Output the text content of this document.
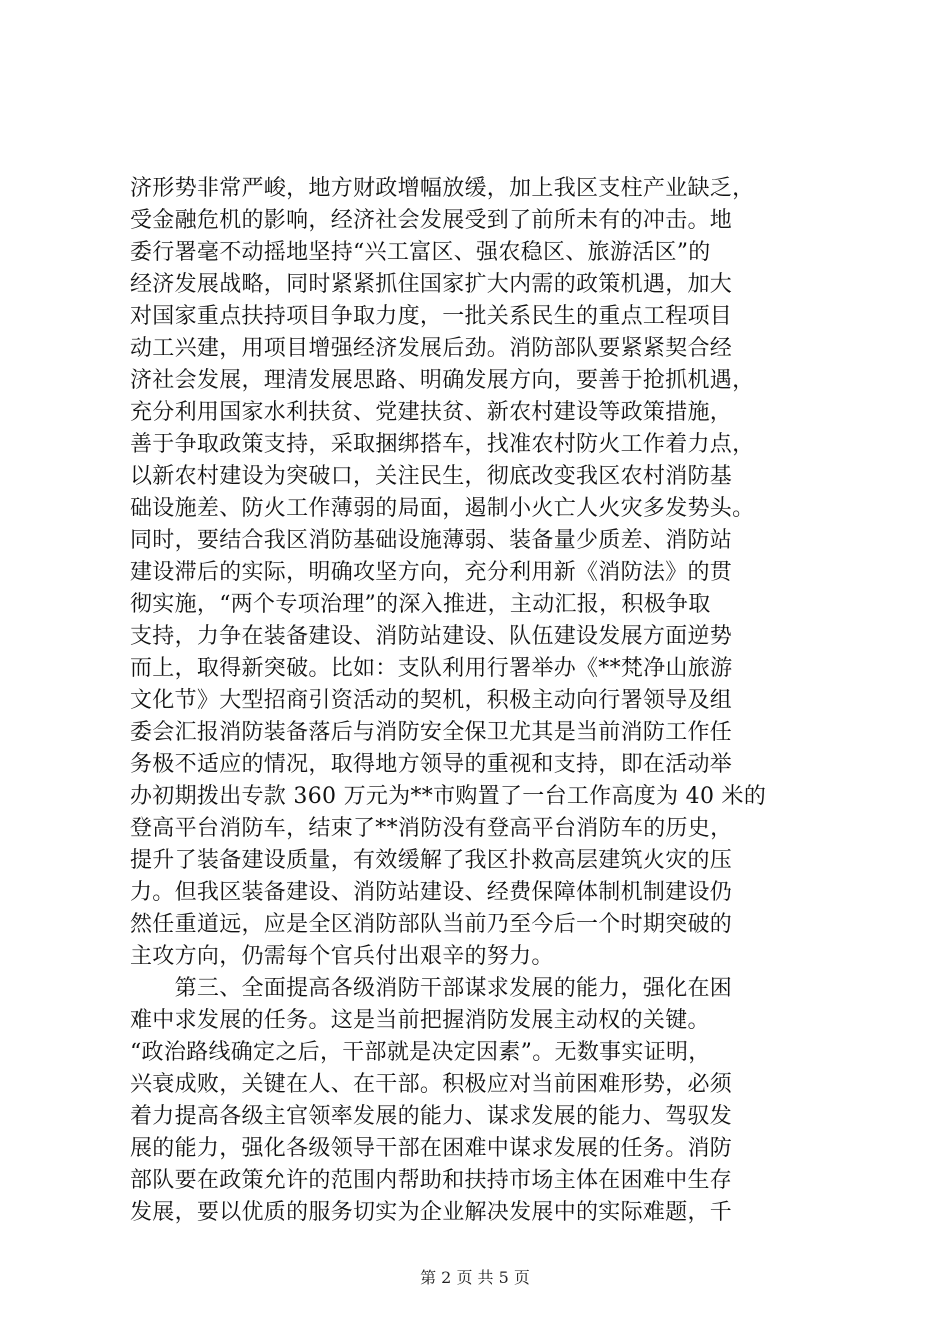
济形势非常严峻，地方财政增幅放缓，加上我区支柱产业缺乏，
受金融危机的影响，经济社会发展受到了前所未有的冲击。地
委行署毫不动摇地坚持“兴工富区、强农稳区、旅游活区”的
经济发展战略，同时紧紧抓住国家扩大内需的政策机遇，加大
对国家重点扶持项目争取力度，一批关系民生的重点工程项目
动工兴建，用项目增强经济发展后劲。消防部队要紧紧契合经
济社会发展，理清发展思路、明确发展方向，要善于抢抓机遇，
充分利用国家水利扶贫、党建扶贫、新农村建设等政策措施，
善于争取政策支持，采取捆绑搭车，找准农村防火工作着力点，
以新农村建设为突破口，关注民生，彻底改变我区农村消防基
础设施差、防火工作薄弱的局面，遏制小火亡人火灾多发势头。
同时，要结合我区消防基础设施薄弱、装备量少质差、消防站
建设滞后的实际，明确攻坚方向，充分利用新《消防法》的贯
彻实施，“两个专项治理”的深入推进，主动汇报，积极争取
支持，力争在装备建设、消防站建设、队伍建设发展方面逆势
而上，取得新突破。比如：支队利用行署举办《**梵净山旅游
文化节》大型招商引资活动的契机，积极主动向行署领导及组
委会汇报消防装备落后与消防安全保卫尤其是当前消防工作任
务极不适应的情况，取得地方领导的重视和支持，即在活动举
办初期拨出专款 360 万元为**市购置了一台工作高度为 40 米的
登高平台消防车，结束了**消防没有登高平台消防车的历史，
提升了装备建设质量，有效缓解了我区扑救高层建筑火灾的压
力。但我区装备建设、消防站建设、经费保障体制机制建设仍
然任重道远，应是全区消防部队当前乃至今后一个时期突破的
主攻方向，仍需每个官兵付出艰辛的努力。
　　第三、全面提高各级消防干部谋求发展的能力，强化在困
难中求发展的任务。这是当前把握消防发展主动权的关键。
“政治路线确定之后，干部就是决定因素”。无数事实证明，
兴衰成败，关键在人、在干部。积极应对当前困难形势，必须
着力提高各级主官领率发展的能力、谋求发展的能力、驾驭发
展的能力，强化各级领导干部在困难中谋求发展的任务。消防
部队要在政策允许的范围内帮助和扶持市场主体在困难中生存
发展，要以优质的服务切实为企业解决发展中的实际难题，千
第 2 页 共 5 页
